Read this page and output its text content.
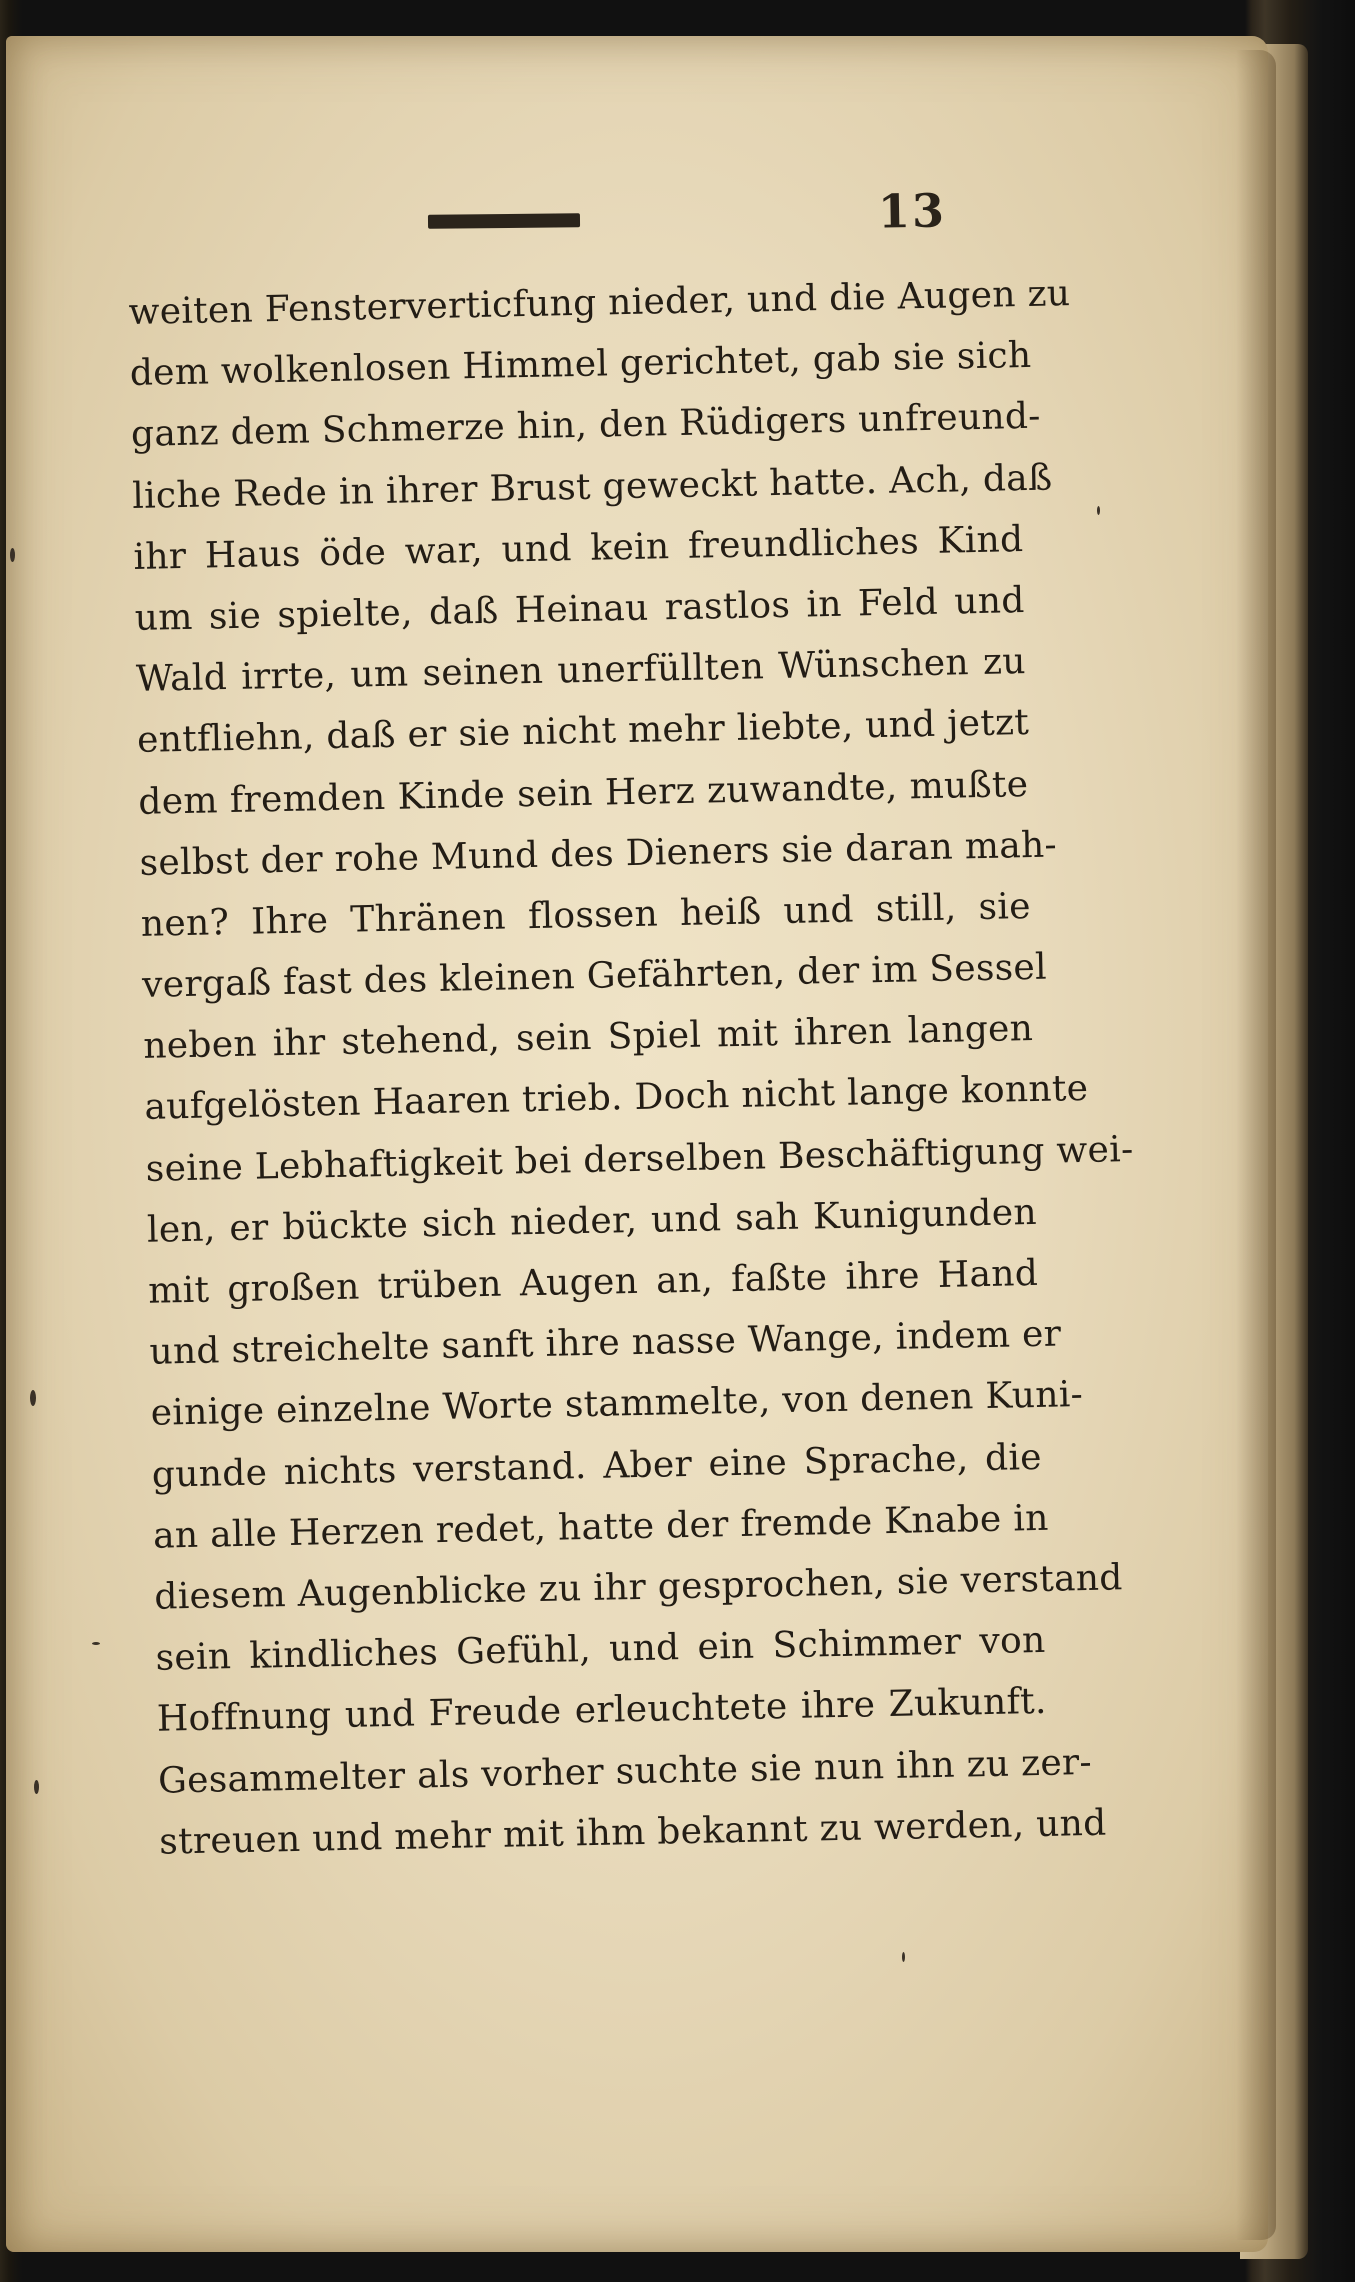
13
weiten Fensterverticfung nieder, und die Augen zu
dem wolkenlosen Himmel gerichtet, gab sie sich
ganz dem Schmerze hin, den Rüdigers unfreund-
liche Rede in ihrer Brust geweckt hatte. Ach, daß
ihr Haus öde war, und kein freundliches Kind
um sie spielte, daß Heinau rastlos in Feld und
Wald irrte, um seinen unerfüllten Wünschen zu
entfliehn, daß er sie nicht mehr liebte, und jetzt
dem fremden Kinde sein Herz zuwandte, mußte
selbst der rohe Mund des Dieners sie daran mah-
nen? Ihre Thränen flossen heiß und still, sie
vergaß fast des kleinen Gefährten, der im Sessel
neben ihr stehend, sein Spiel mit ihren langen
aufgelösten Haaren trieb. Doch nicht lange konnte
seine Lebhaftigkeit bei derselben Beschäftigung wei-
len, er bückte sich nieder, und sah Kunigunden
mit großen trüben Augen an, faßte ihre Hand
und streichelte sanft ihre nasse Wange, indem er
einige einzelne Worte stammelte, von denen Kuni-
gunde nichts verstand. Aber eine Sprache, die
an alle Herzen redet, hatte der fremde Knabe in
diesem Augenblicke zu ihr gesprochen, sie verstand
sein kindliches Gefühl, und ein Schimmer von
Hoffnung und Freude erleuchtete ihre Zukunft.
Gesammelter als vorher suchte sie nun ihn zu zer-
streuen und mehr mit ihm bekannt zu werden, und
